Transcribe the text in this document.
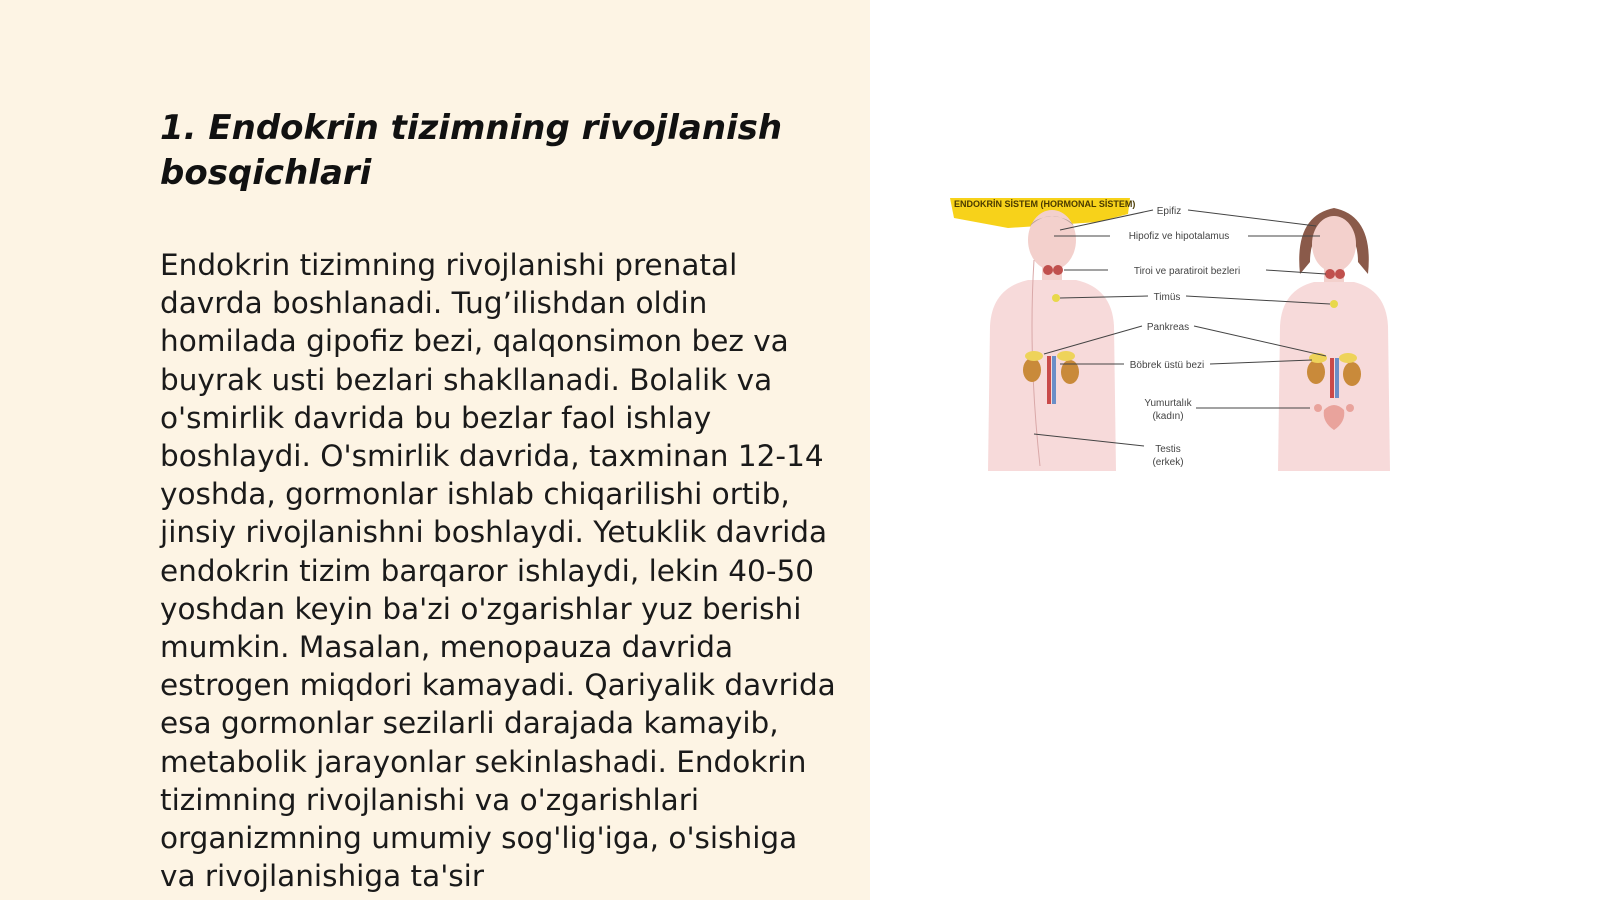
1. Endokrin tizimning rivojlanish bosqichlari

Endokrin tizimning rivojlanishi prenatal davrda boshlanadi. Tug’ilishdan oldin homilada gipofiz bezi, qalqonsimon bez va buyrak usti bezlari shakllanadi. Bolalik va o'smirlik davrida bu bezlar faol ishlay boshlaydi. O'smirlik davrida, taxminan 12-14 yoshda, gormonlar ishlab chiqarilishi ortib, jinsiy rivojlanishni boshlaydi. Yetuklik davrida endokrin tizim barqaror ishlaydi, lekin 40-50 yoshdan keyin ba'zi o'zgarishlar yuz berishi mumkin. Masalan, menopauza davrida estrogen miqdori kamayadi. Qariyalik davrida esa gormonlar sezilarli darajada kamayib, metabolik jarayonlar sekinlashadi. Endokrin tizimning rivojlanishi va o'zgarishlari organizmning umumiy sog'lig'iga, o'sishiga va rivojlanishiga ta'sir

ENDOKRİN SİSTEM (HORMONAL SİSTEM)
Epifiz
Hipofiz ve hipotalamus
Tiroi ve paratiroit bezleri
Timüs
Pankreas
Böbrek üstü bezi
Yumurtalık
(kadın)
Testis
(erkek)
